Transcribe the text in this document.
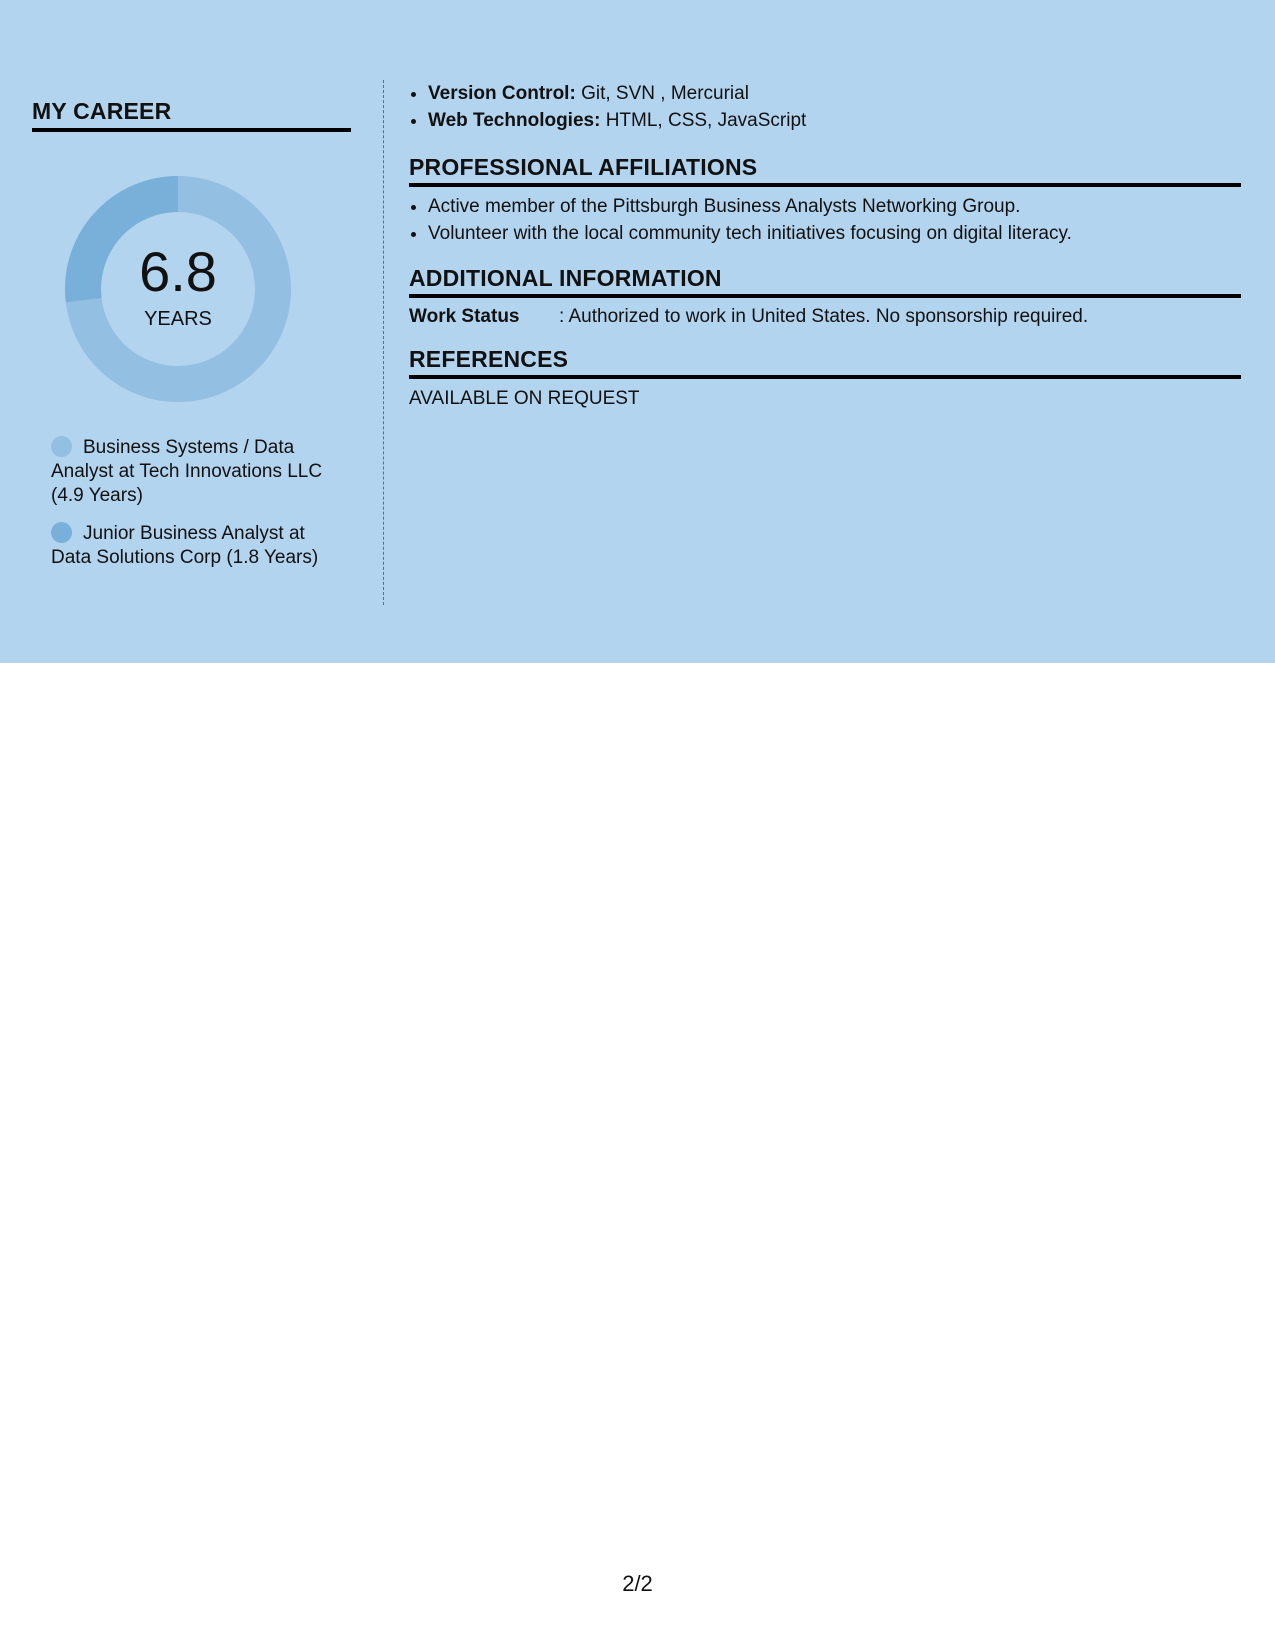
MY CAREER
6.8
YEARS
Business Systems / Data Analyst at Tech Innovations LLC (4.9 Years)
Junior Business Analyst at Data Solutions Corp (1.8 Years)
• Version Control: Git, SVN , Mercurial
• Web Technologies: HTML, CSS, JavaScript
PROFESSIONAL AFFILIATIONS
• Active member of the Pittsburgh Business Analysts Networking Group.
• Volunteer with the local community tech initiatives focusing on digital literacy.
ADDITIONAL INFORMATION
Work Status : Authorized to work in United States. No sponsorship required.
REFERENCES
AVAILABLE ON REQUEST
2/2
